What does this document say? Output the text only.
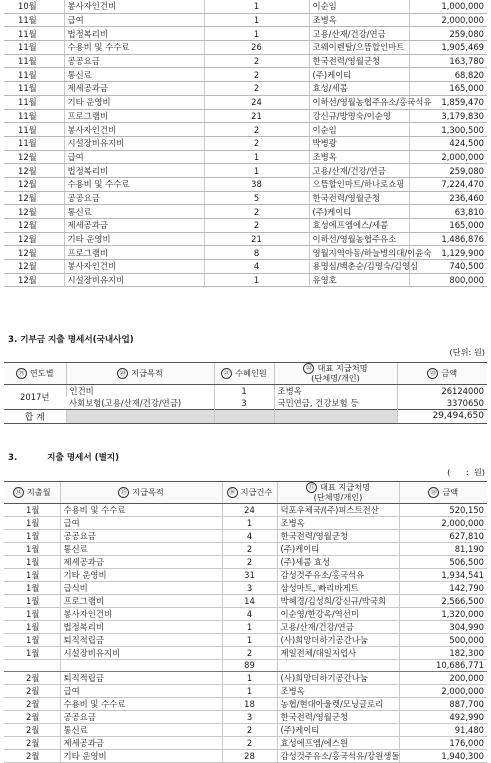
10월	봉사자인건비	1	이순임	1,000,000
11월	급여	1	조병옥	2,000,000
11월	법정복리비	1	고용/산재/건강/연금	259,080
11월	수용비 및 수수료	26	코웨이렌탈/으뜸할인마트	1,905,469
11월	공공요금	2	한국전력/영월군청	163,780
11월	통신료	2	(주)케이티	68,820
11월	제세공과금	2	효성/세콤	165,000
11월	기타 운영비	24	이하선/영월농협주유소/홍국석유	1,859,470
11월	프로그램비	21	강신규/방명숙/이순영	3,179,830
11월	봉사자인건비	2	이순임	1,300,500
11월	시설장비유지비	2	박병광	424,500
12월	급여	1	조병옥	2,000,000
12월	법정복리비	1	고용/산재/건강/연금	259,080
12월	수용비 및 수수료	38	으뜸할인마트/하나로쇼핑	7,224,470
12월	공공요금	5	한국전력/영월군청	236,460
12월	통신료	2	(주)케이티	63,810
12월	제세공과금	2	효성에프엠에스/세콤	165,000
12월	기타 운영비	21	이하선/영월농협주유소	1,486,876
12월	프로그램비	8	영월지역아동/하늘병의대/이윤숙	1,129,900
12월	봉사자인건비	4	용명심/백춘순/김명숙/김영심	740,500
12월	시설장비유지비	1	유영호	800,000
3. 기부금 지출 명세서(국내사업)
(단위: 원)
⑲ 연도별	⑳ 지급목적	㉑ 수혜인원	㉒ 대표 지급처명
(단체명/개인)	㉓ 금액
2017년	인건비	1	조병옥	26124000
	사회보험(고용/산재/건강/연금)	3	국민연금, 건강보험 등	3370650
합 계				29,494,650
3.          지출 명세서 (별지)
(      :  원)
⑭ 지출월	⑮ 지급목적	⑯ 지급건수	⑰ 대표 지급처명
(단체명/개인)	⑱ 금액
1월	수용비 및 수수료	24	덕포우체국/(주)피스트전산	520,150
1월	급여	1	조병옥	2,000,000
1월	공공요금	4	한국전력/영월군청	627,810
1월	통신료	2	(주)케이티	81,190
1월	제세공과금	2	(주)세콤 효성	506,500
1월	기타 운영비	31	감성것주유소/홍국석유	1,934,541
1월	급식비	3	삼성마트, 빠리바게트	142,790
1월	프로그램비	14	박혜경/김성희/강신규/박국희	2,566,500
1월	봉사자인건비	4	이순영/한강옥/역선미	1,320,000
1월	법정복리비	1	고용/산재/건강/연금	304,990
1월	퇴직적립금	1	(사)희망더하기공간나눔	500,000
1월	시설장비유지비	2	제일전체/대일지업사	182,300
		89		10,686,771
2월	퇴직적립금	1	(사)희망더하기공간나눔	200,000
2월	급여	1	조병옥	2,000,000
2월	수용비 및 수수료	18	농협/현대아울렛/모닝글로리	887,700
2월	공공요금	3	한국전력/영월군청	492,990
2월	통신료	2	(주)케이티	91,480
2월	제세공과금	2	효성에프엠/에스원	176,000
2월	기타 운영비	28	감성것주유소/홍국석유/강원생돌	1,940,300
